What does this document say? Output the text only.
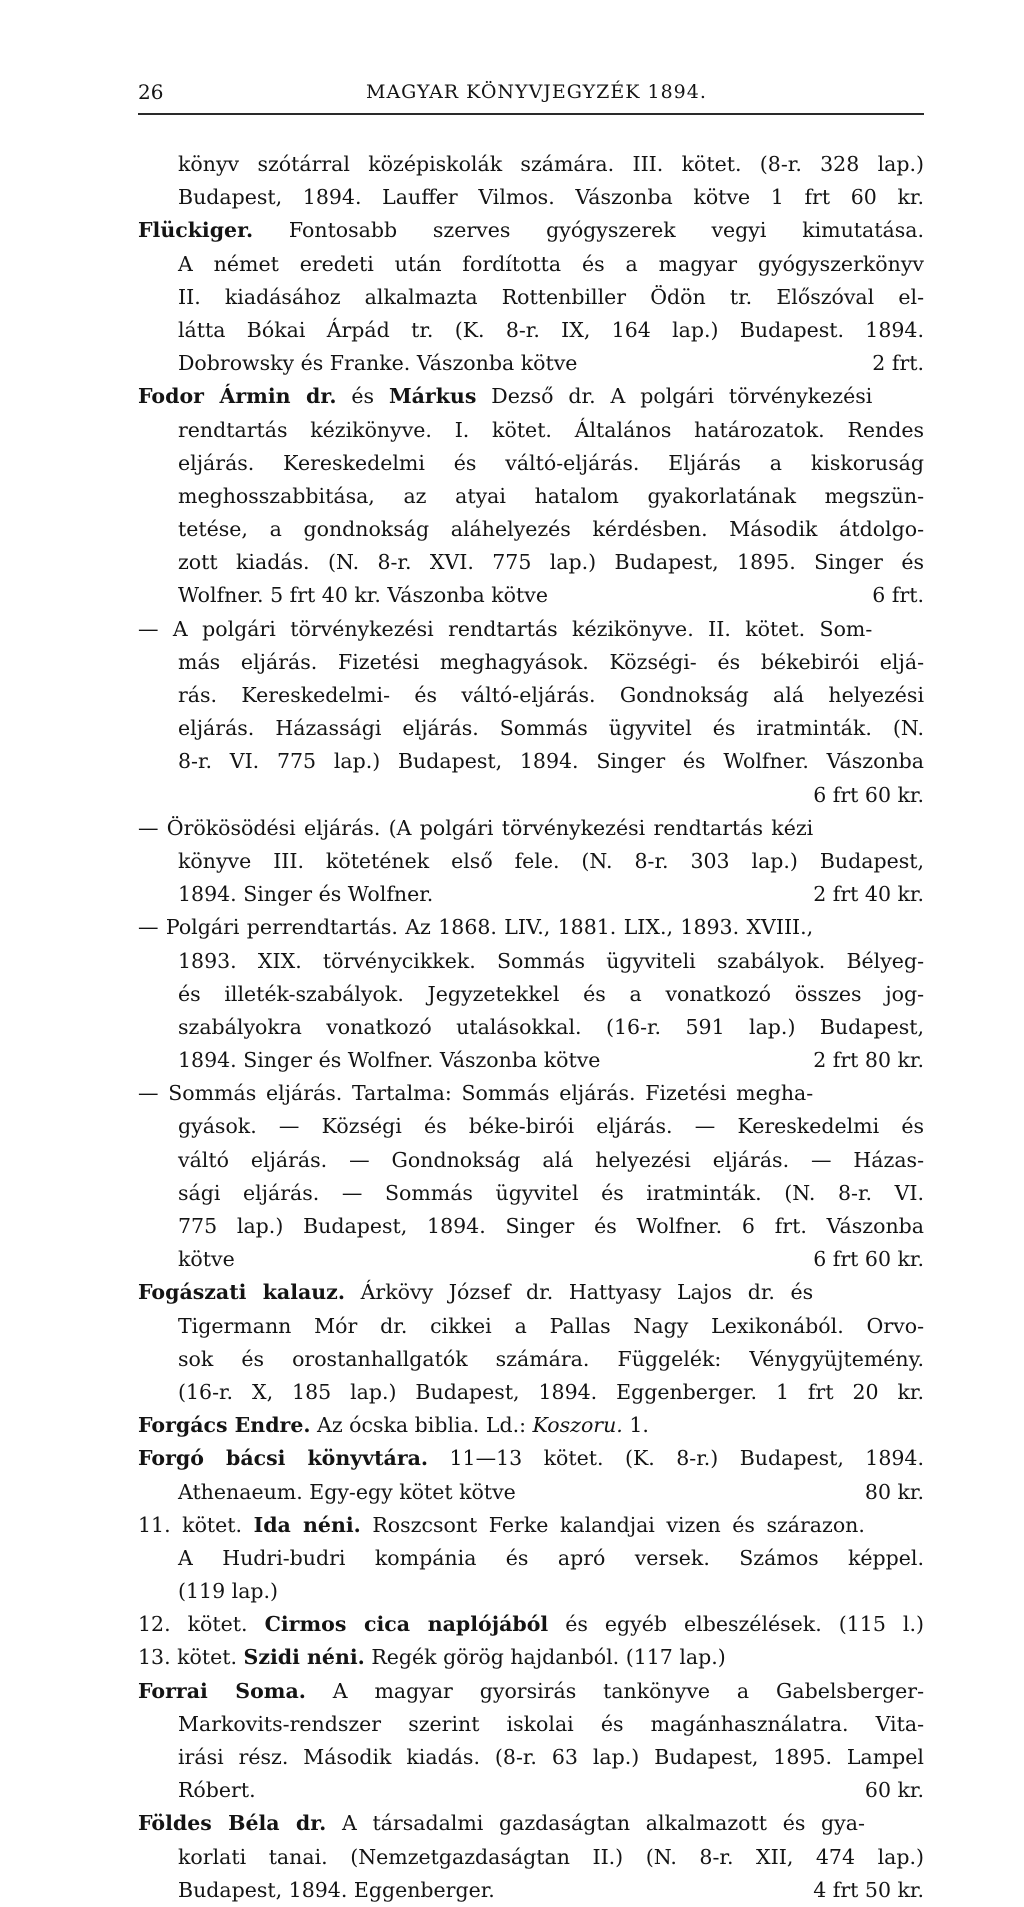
26	MAGYAR KÖNYVJEGYZÉK 1894.
könyv szótárral középiskolák számára. III. kötet. (8-r. 328 lap.)
Budapest, 1894. Lauffer Vilmos. Vászonba kötve 1 frt 60 kr.
Flückiger. Fontosabb szerves gyógyszerek vegyi kimutatása.
A német eredeti után fordította és a magyar gyógyszerkönyv
II. kiadásához alkalmazta Rottenbiller Ödön tr. Előszóval el-
látta Bókai Árpád tr. (K. 8-r. IX, 164 lap.) Budapest. 1894.
2 frt.
Dobrowsky és Franke. Vászonba kötve
Fodor Ármin dr. és Márkus Dezső dr. A polgári törvénykezési
rendtartás kézikönyve. I. kötet. Általános határozatok. Rendes
eljárás. Kereskedelmi és váltó-eljárás. Eljárás a kiskoruság
meghosszabbitása, az atyai hatalom gyakorlatának megszün-
tetése, a gondnokság aláhelyezés kérdésben. Második átdolgo-
zott kiadás. (N. 8-r. XVI. 775 lap.) Budapest, 1895. Singer és
6 frt.
Wolfner. 5 frt 40 kr. Vászonba kötve
— A polgári törvénykezési rendtartás kézikönyve. II. kötet. Som-
más eljárás. Fizetési meghagyások. Községi- és békebirói eljá-
rás. Kereskedelmi- és váltó-eljárás. Gondnokság alá helyezési
eljárás. Házassági eljárás. Sommás ügyvitel és iratminták. (N.
8-r. VI. 775 lap.) Budapest, 1894. Singer és Wolfner. Vászonba
6 frt 60 kr.
— Örökösödési eljárás. (A polgári törvénykezési rendtartás kézi
könyve III. kötetének első fele. (N. 8-r. 303 lap.) Budapest,
2 frt 40 kr.
1894. Singer és Wolfner.
— Polgári perrendtartás. Az 1868. LIV., 1881. LIX., 1893. XVIII.,
1893. XIX. törvénycikkek. Sommás ügyviteli szabályok. Bélyeg-
és illeték-szabályok. Jegyzetekkel és a vonatkozó összes jog-
szabályokra vonatkozó utalásokkal. (16-r. 591 lap.) Budapest,
2 frt 80 kr.
1894. Singer és Wolfner. Vászonba kötve
— Sommás eljárás. Tartalma: Sommás eljárás. Fizetési megha-
gyások. — Községi és béke-birói eljárás. — Kereskedelmi és
váltó eljárás. — Gondnokság alá helyezési eljárás. — Házas-
sági eljárás. — Sommás ügyvitel és iratminták. (N. 8-r. VI.
775 lap.) Budapest, 1894. Singer és Wolfner. 6 frt. Vászonba
6 frt 60 kr.
kötve
Fogászati kalauz. Árkövy József dr. Hattyasy Lajos dr. és
Tigermann Mór dr. cikkei a Pallas Nagy Lexikonából. Orvo-
sok és orostanhallgatók számára. Függelék: Vénygyüjtemény.
(16-r. X, 185 lap.) Budapest, 1894. Eggenberger. 1 frt 20 kr.
Forgács Endre. Az ócska biblia. Ld.: Koszoru. 1.
Forgó bácsi könyvtára. 11—13 kötet. (K. 8-r.) Budapest, 1894.
80 kr.
Athenaeum. Egy-egy kötet kötve
11. kötet. Ida néni. Roszcsont Ferke kalandjai vizen és szárazon.
A Hudri-budri kompánia és apró versek. Számos képpel.
(119 lap.)
12. kötet. Cirmos cica naplójából és egyéb elbeszélések. (115 l.)
13. kötet. Szidi néni. Regék görög hajdanból. (117 lap.)
Forrai Soma. A magyar gyorsirás tankönyve a Gabelsberger-
Markovits-rendszer szerint iskolai és magánhasználatra. Vita-
irási rész. Második kiadás. (8-r. 63 lap.) Budapest, 1895. Lampel
60 kr.
Róbert.
Földes Béla dr. A társadalmi gazdaságtan alkalmazott és gya-
korlati tanai. (Nemzetgazdaságtan II.) (N. 8-r. XII, 474 lap.)
4 frt 50 kr.
Budapest, 1894. Eggenberger.
